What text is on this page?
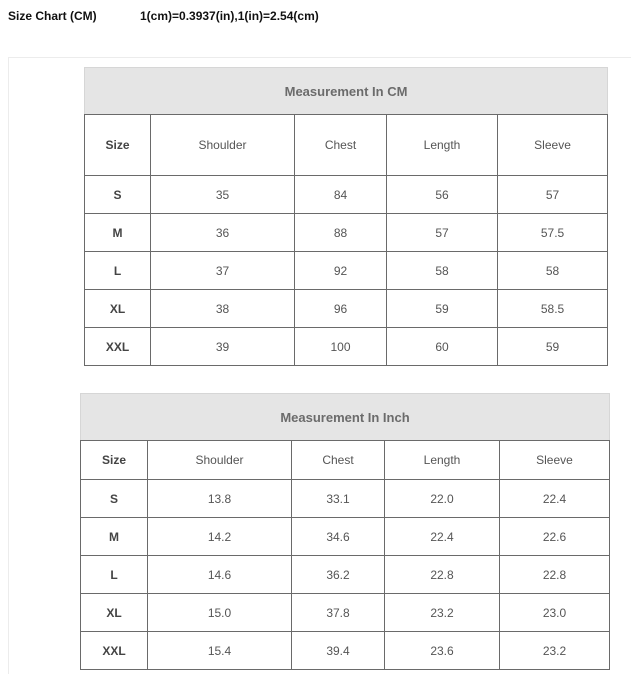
Size Chart (CM)	1(cm)=0.3937(in),1(in)=2.54(cm)
Measurement In CM				
Size	Shoulder	Chest	Length	Sleeve
S	35	84	56	57
M	36	88	57	57.5
L	37	92	58	58
XL	38	96	59	58.5
XXL	39	100	60	59
Measurement In Inch				
Size	Shoulder	Chest	Length	Sleeve
S	13.8	33.1	22.0	22.4
M	14.2	34.6	22.4	22.6
L	14.6	36.2	22.8	22.8
XL	15.0	37.8	23.2	23.0
XXL	15.4	39.4	23.6	23.2
